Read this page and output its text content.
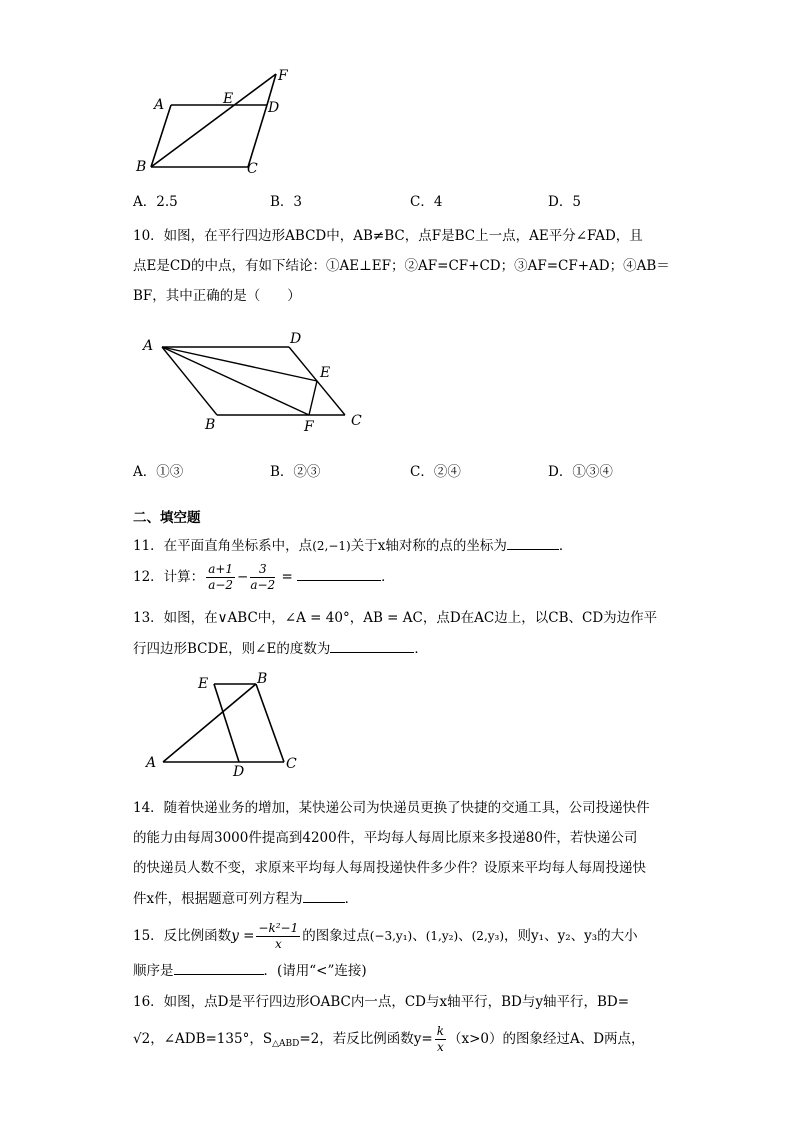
A	E
D
F
B	C
A．2.5	B．3	C．4	D．5
10．如图，在平行四边形ABCD中，AB≠BC，点F是BC上一点，AE平分∠FAD，且
点E是CD的中点，有如下结论：①AE⊥EF；②AF=CF+CD；③AF=CF+AD；④AB＝
BF，其中正确的是（　　）
A	D
E
B	F	C
A．①③	B．②③	C．②④	D．①③④
二、填空题
11．在平面直角坐标系中，点(2,−1)关于x轴对称的点的坐标为	．
12．计算： $\frac{a+1}{a-2} - \frac{3}{a-2}$ =	．
13．如图，在∨ABC中，∠A = 40°，AB = AC，点D在AC边上，以CB、CD为边作平
行四边形BCDE，则∠E的度数为	．
E	B
A
D	C
14．随着快递业务的增加，某快递公司为快递员更换了快捷的交通工具，公司投递快件
的能力由每周3000件提高到4200件，平均每人每周比原来多投递80件，若快递公司
的快递员人数不变，求原来平均每人每周投递快件多少件？设原来平均每人每周投递快
件x件，根据题意可列方程为	．
15．反比例函数$y = \frac{\text{−k²−1}}{x}$ 的图象过点(−3,y₁)、(1,y₂)、(2,y₃)，则y₁、y₂、y₃的大小
顺序是	．(请用“<”连接)
16．如图，点D是平行四边形OABC内一点，CD与x轴平行，BD与y轴平行，BD=
√2，∠ADB=135°，$S_{\triangle ABD}=2$，若反比例函数$y= \frac{k}{x} (x>0)$的图象经过A、D两点，
